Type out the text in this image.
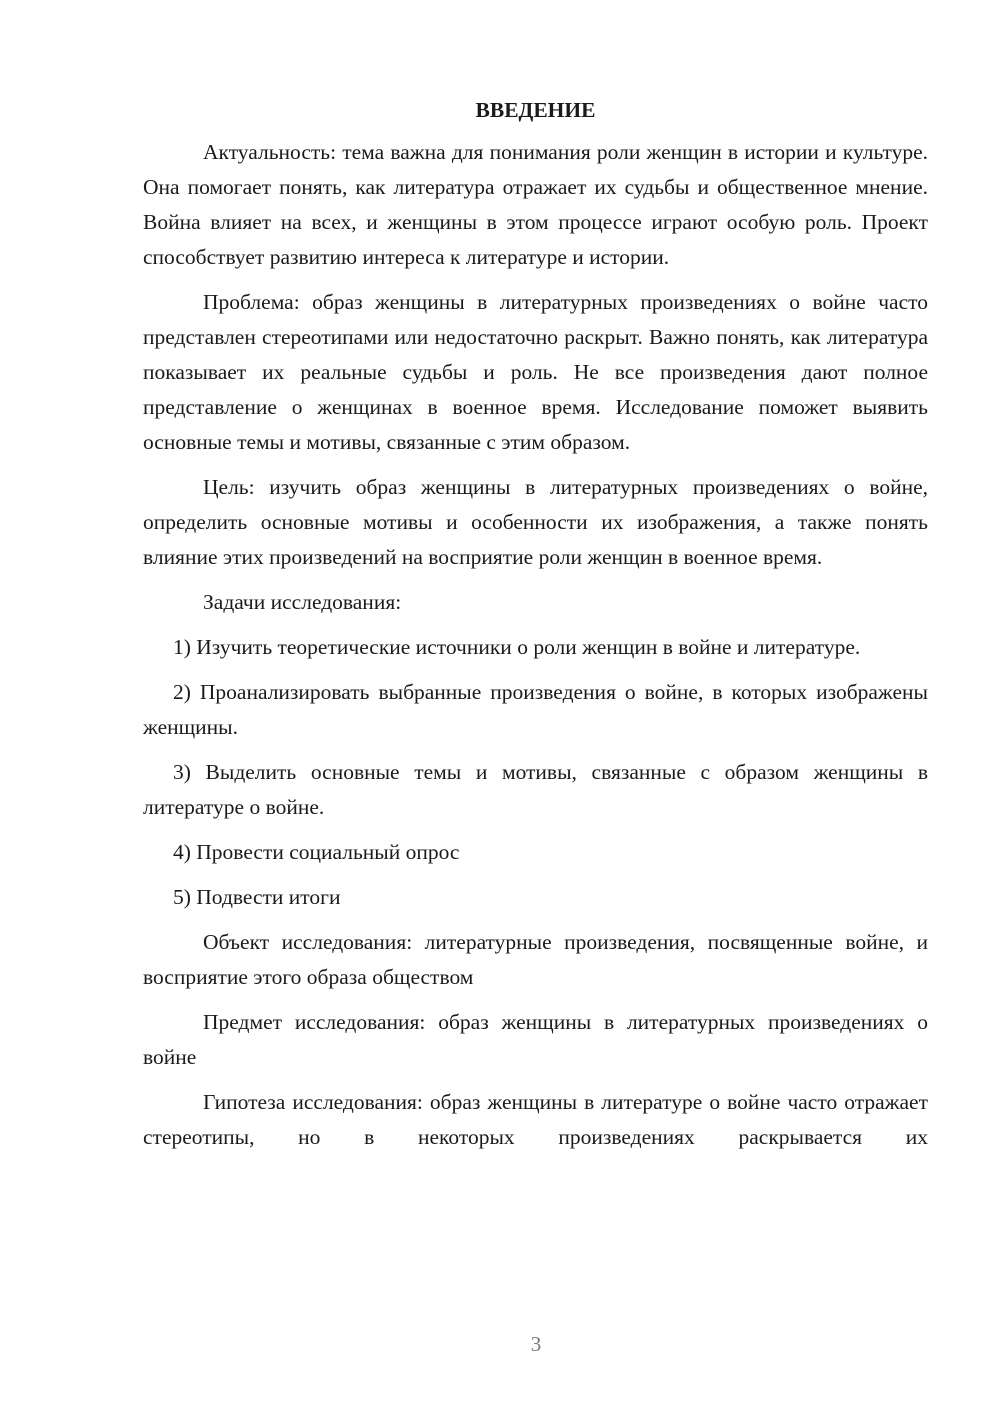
ВВЕДЕНИЕ

Актуальность: тема важна для понимания роли женщин в истории и культуре. Она помогает понять, как литература отражает их судьбы и общественное мнение. Война влияет на всех, и женщины в этом процессе играют особую роль. Проект способствует развитию интереса к литературе и истории.

Проблема: образ женщины в литературных произведениях о войне часто представлен стереотипами или недостаточно раскрыт. Важно понять, как литература показывает их реальные судьбы и роль. Не все произведения дают полное представление о женщинах в военное время. Исследование поможет выявить основные темы и мотивы, связанные с этим образом.

Цель: изучить образ женщины в литературных произведениях о войне, определить основные мотивы и особенности их изображения, а также понять влияние этих произведений на восприятие роли женщин в военное время.

Задачи исследования:

1) Изучить теоретические источники о роли женщин в войне и литературе.

2) Проанализировать выбранные произведения о войне, в которых изображены женщины.

3) Выделить основные темы и мотивы, связанные с образом женщины в литературе о войне.

4) Провести социальный опрос

5) Подвести итоги

Объект исследования: литературные произведения, посвященные войне, и восприятие этого образа обществом

Предмет исследования: образ женщины в литературных произведениях о войне

Гипотеза исследования: образ женщины в литературе о войне часто отражает стереотипы, но в некоторых произведениях раскрывается их

3
